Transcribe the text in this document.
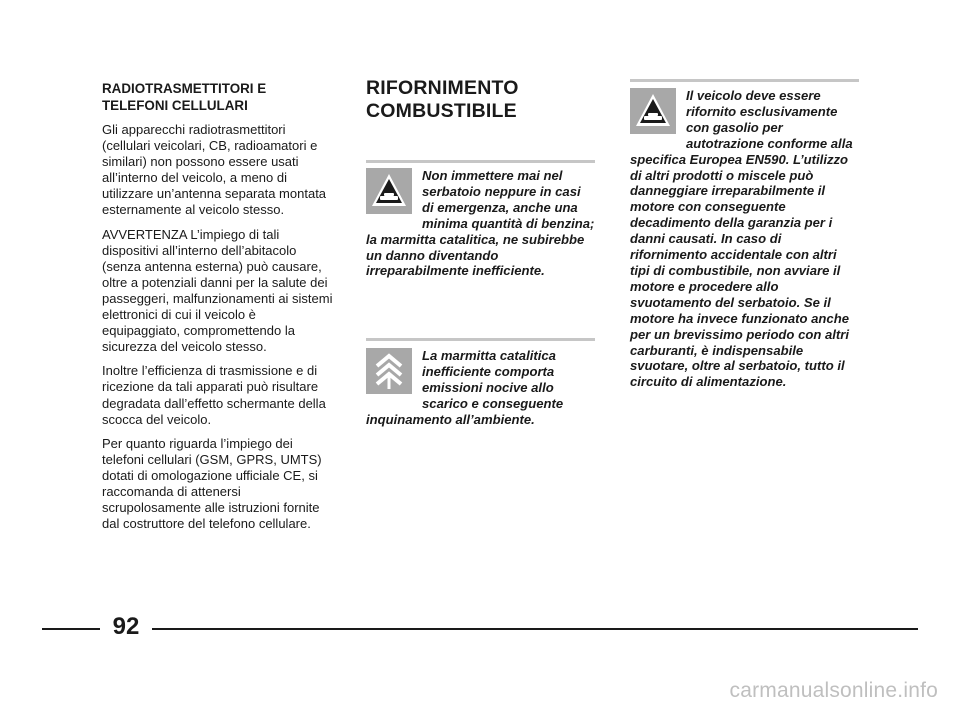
RADIOTRASMETTITORI E TELEFONI CELLULARI

Gli apparecchi radiotrasmettitori (cellulari veicolari, CB, radioamatori e similari) non possono essere usati all’interno del veicolo, a meno di utilizzare un’antenna separata montata esternamente al veicolo stesso.

AVVERTENZA L’impiego di tali dispositivi all’interno dell’abitacolo (senza antenna esterna) può causare, oltre a potenziali danni per la salute dei passeggeri, malfunzionamenti ai sistemi elettronici di cui il veicolo è equipaggiato, compromettendo la sicurezza del veicolo stesso.

Inoltre l’efficienza di trasmissione e di ricezione da tali apparati può risultare degradata dall’effetto schermante della scocca del veicolo.

Per quanto riguarda l’impiego dei telefoni cellulari (GSM, GPRS, UMTS) dotati di omologazione ufficiale CE, si raccomanda di attenersi scrupolosamente alle istruzioni fornite dal costruttore del telefono cellulare.

RIFORNIMENTO COMBUSTIBILE

Non immettere mai nel serbatoio neppure in casi di emergenza, anche una minima quantità di benzina; la marmitta catalitica, ne subirebbe un danno diventando irreparabilmente inefficiente.

La marmitta catalitica inefficiente comporta emissioni nocive allo scarico e conseguente inquinamento all’ambiente.

Il veicolo deve essere rifornito esclusivamente con gasolio per autotrazione conforme alla specifica Europea EN590. L’utilizzo di altri prodotti o miscele può danneggiare irreparabilmente il motore con conseguente decadimento della garanzia per i danni causati. In caso di rifornimento accidentale con altri tipi di combustibile, non avviare il motore e procedere allo svuotamento del serbatoio. Se il motore ha invece funzionato anche per un brevissimo periodo con altri carburanti, è indispensabile svuotare, oltre al serbatoio, tutto il circuito di alimentazione.

92
carmanualsonline.info
